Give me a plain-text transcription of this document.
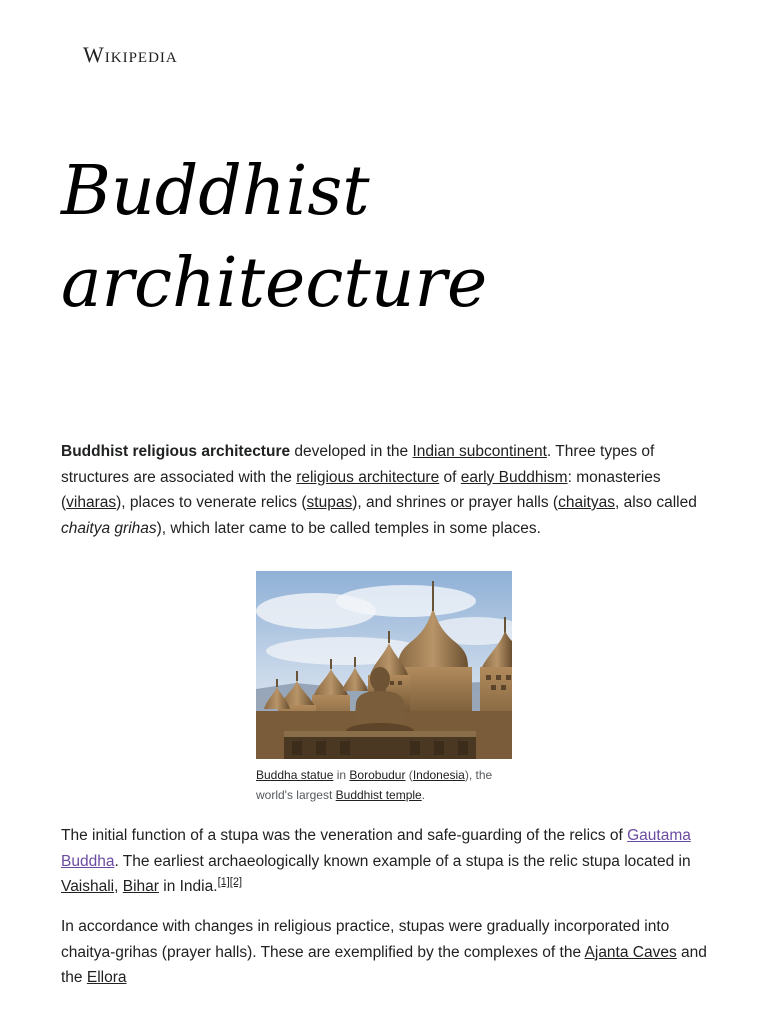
Wikipedia
Buddhist
architecture

Buddhist religious architecture developed in the Indian subcontinent. Three types of structures are associated with the religious architecture of early Buddhism: monasteries (viharas), places to venerate relics (stupas), and shrines or prayer halls (chaityas, also called chaitya grihas), which later came to be called temples in some places.

Buddha statue in Borobudur (Indonesia), the world's largest Buddhist temple.

The initial function of a stupa was the veneration and safe-guarding of the relics of Gautama Buddha. The earliest archaeologically known example of a stupa is the relic stupa located in Vaishali, Bihar in India.[1][2]

In accordance with changes in religious practice, stupas were gradually incorporated into chaitya-grihas (prayer halls). These are exemplified by the complexes of the Ajanta Caves and the Ellora
